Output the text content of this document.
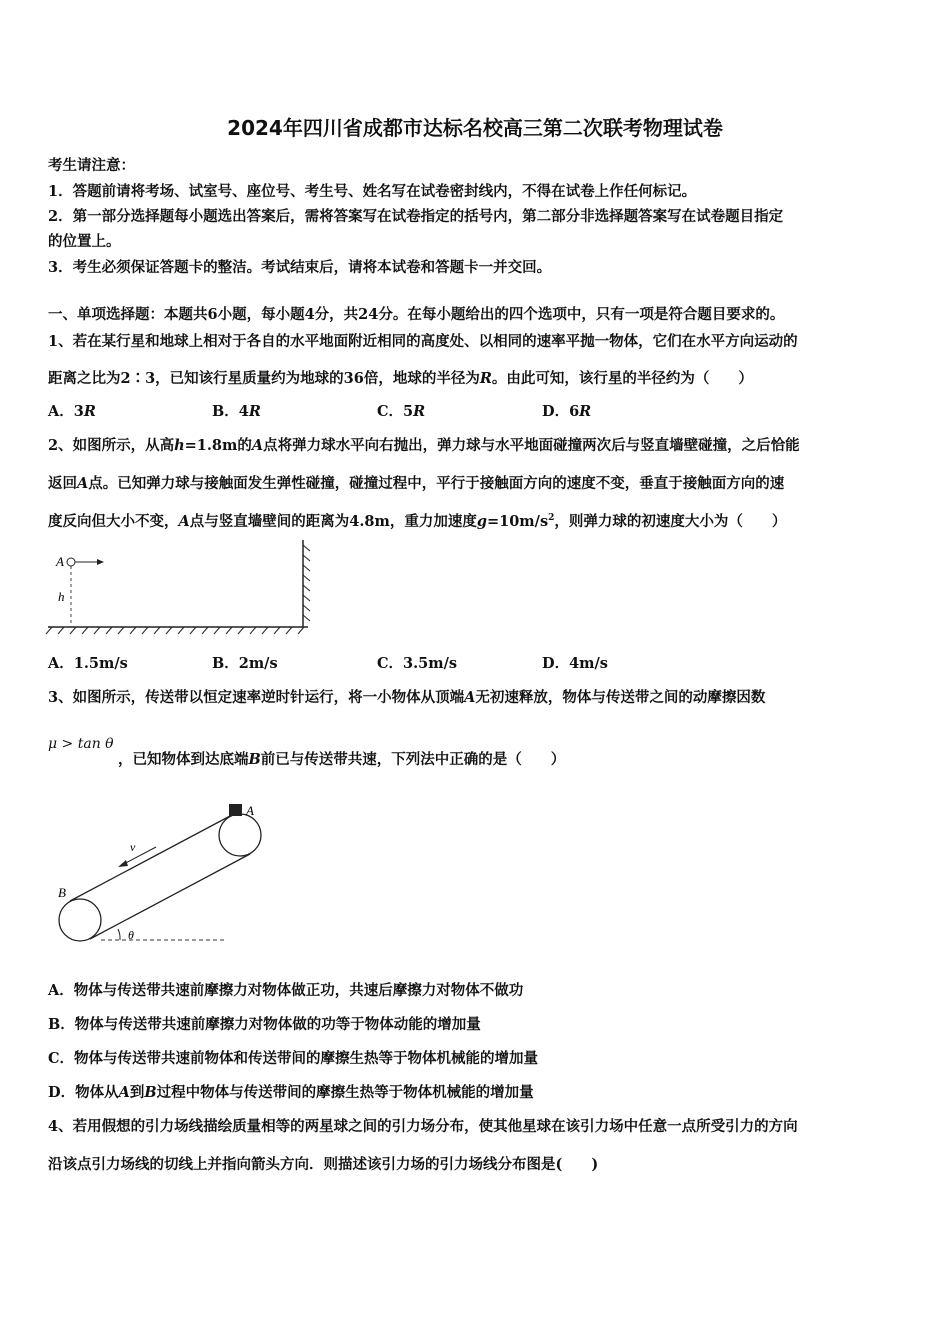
2024年四川省成都市达标名校高三第二次联考物理试卷
考生请注意：
1．答题前请将考场、试室号、座位号、考生号、姓名写在试卷密封线内，不得在试卷上作任何标记。
2．第一部分选择题每小题选出答案后，需将答案写在试卷指定的括号内，第二部分非选择题答案写在试卷题目指定
的位置上。
3．考生必须保证答题卡的整洁。考试结束后，请将本试卷和答题卡一并交回。
一、单项选择题：本题共6小题，每小题4分，共24分。在每小题给出的四个选项中，只有一项是符合题目要求的。
1、若在某行星和地球上相对于各自的水平地面附近相同的高度处、以相同的速率平抛一物体，它们在水平方向运动的
距离之比为2∶3，已知该行星质量约为地球的36倍，地球的半径为R。由此可知，该行星的半径约为（　　）
A．3R	B．4R	C．5R	D．6R
2、如图所示，从高h=1.8m的A点将弹力球水平向右抛出，弹力球与水平地面碰撞两次后与竖直墙壁碰撞，之后恰能
返回A点。已知弹力球与接触面发生弹性碰撞，碰撞过程中，平行于接触面方向的速度不变，垂直于接触面方向的速
度反向但大小不变，A点与竖直墙壁间的距离为4.8m，重力加速度$g=10m/s^2$，则弹力球的初速度大小为（　　）
A
h
A．1.5m/s	B．2m/s	C．3.5m/s	D．4m/s
3、如图所示，传送带以恒定速率逆时针运行，将一小物体从顶端A无初速释放，物体与传送带之间的动摩擦因数
μ > tan θ
，已知物体到达底端B前已与传送带共速，下列法中正确的是（　　）
A
B
v
θ
A．物体与传送带共速前摩擦力对物体做正功，共速后摩擦力对物体不做功
B．物体与传送带共速前摩擦力对物体做的功等于物体动能的增加量
C．物体与传送带共速前物体和传送带间的摩擦生热等于物体机械能的增加量
D．物体从A到B过程中物体与传送带间的摩擦生热等于物体机械能的增加量
4、若用假想的引力场线描绘质量相等的两星球之间的引力场分布，使其他星球在该引力场中任意一点所受引力的方向
沿该点引力场线的切线上并指向箭头方向．则描述该引力场的引力场线分布图是(　　)
